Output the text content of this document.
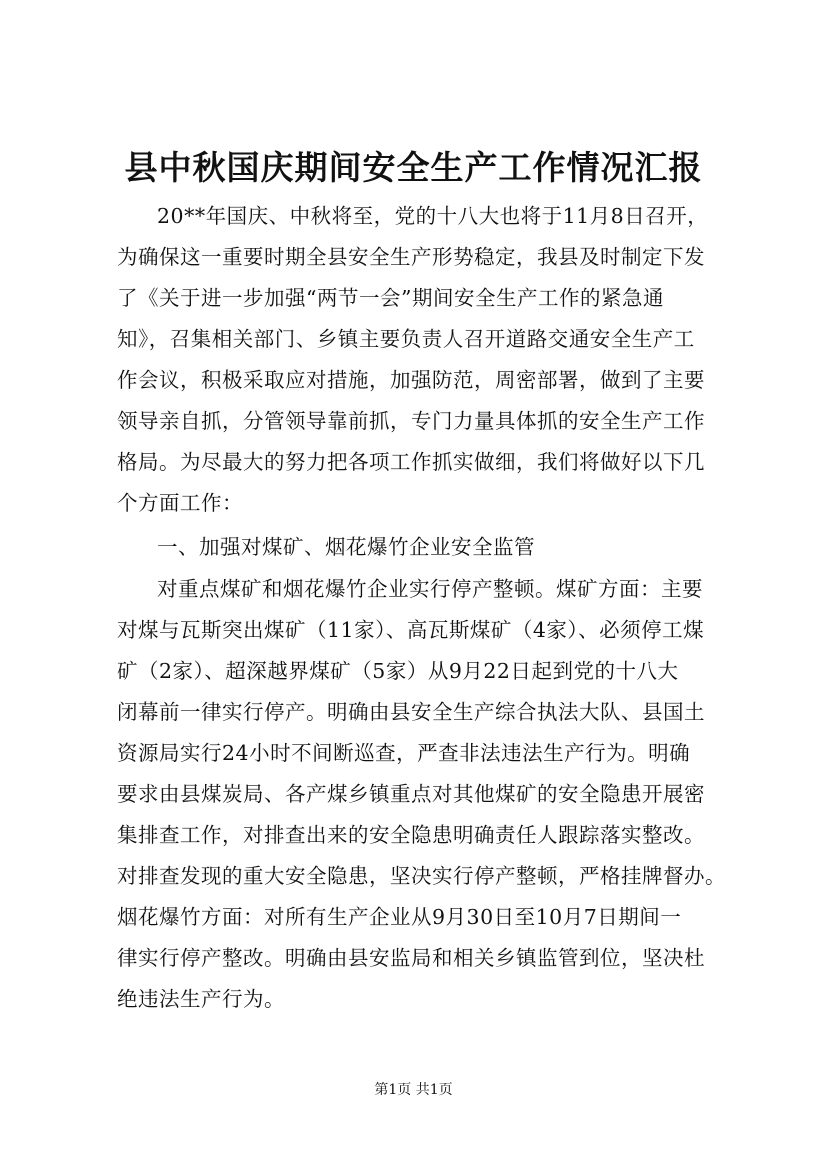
县中秋国庆期间安全生产工作情况汇报
20**年国庆、中秋将至，党的十八大也将于11月8日召开，
为确保这一重要时期全县安全生产形势稳定，我县及时制定下发
了《关于进一步加强“两节一会”期间安全生产工作的紧急通
知》，召集相关部门、乡镇主要负责人召开道路交通安全生产工
作会议，积极采取应对措施，加强防范，周密部署，做到了主要
领导亲自抓，分管领导靠前抓，专门力量具体抓的安全生产工作
格局。为尽最大的努力把各项工作抓实做细，我们将做好以下几
个方面工作：
一、加强对煤矿、烟花爆竹企业安全监管
对重点煤矿和烟花爆竹企业实行停产整顿。煤矿方面：主要
对煤与瓦斯突出煤矿（11家）、高瓦斯煤矿（4家）、必须停工煤
矿（2家）、超深越界煤矿（5家）从9月22日起到党的十八大
闭幕前一律实行停产。明确由县安全生产综合执法大队、县国土
资源局实行24小时不间断巡查，严查非法违法生产行为。明确
要求由县煤炭局、各产煤乡镇重点对其他煤矿的安全隐患开展密
集排查工作，对排查出来的安全隐患明确责任人跟踪落实整改。
对排查发现的重大安全隐患，坚决实行停产整顿，严格挂牌督办。
烟花爆竹方面：对所有生产企业从9月30日至10月7日期间一
律实行停产整改。明确由县安监局和相关乡镇监管到位，坚决杜
绝违法生产行为。
第1页 共1页
